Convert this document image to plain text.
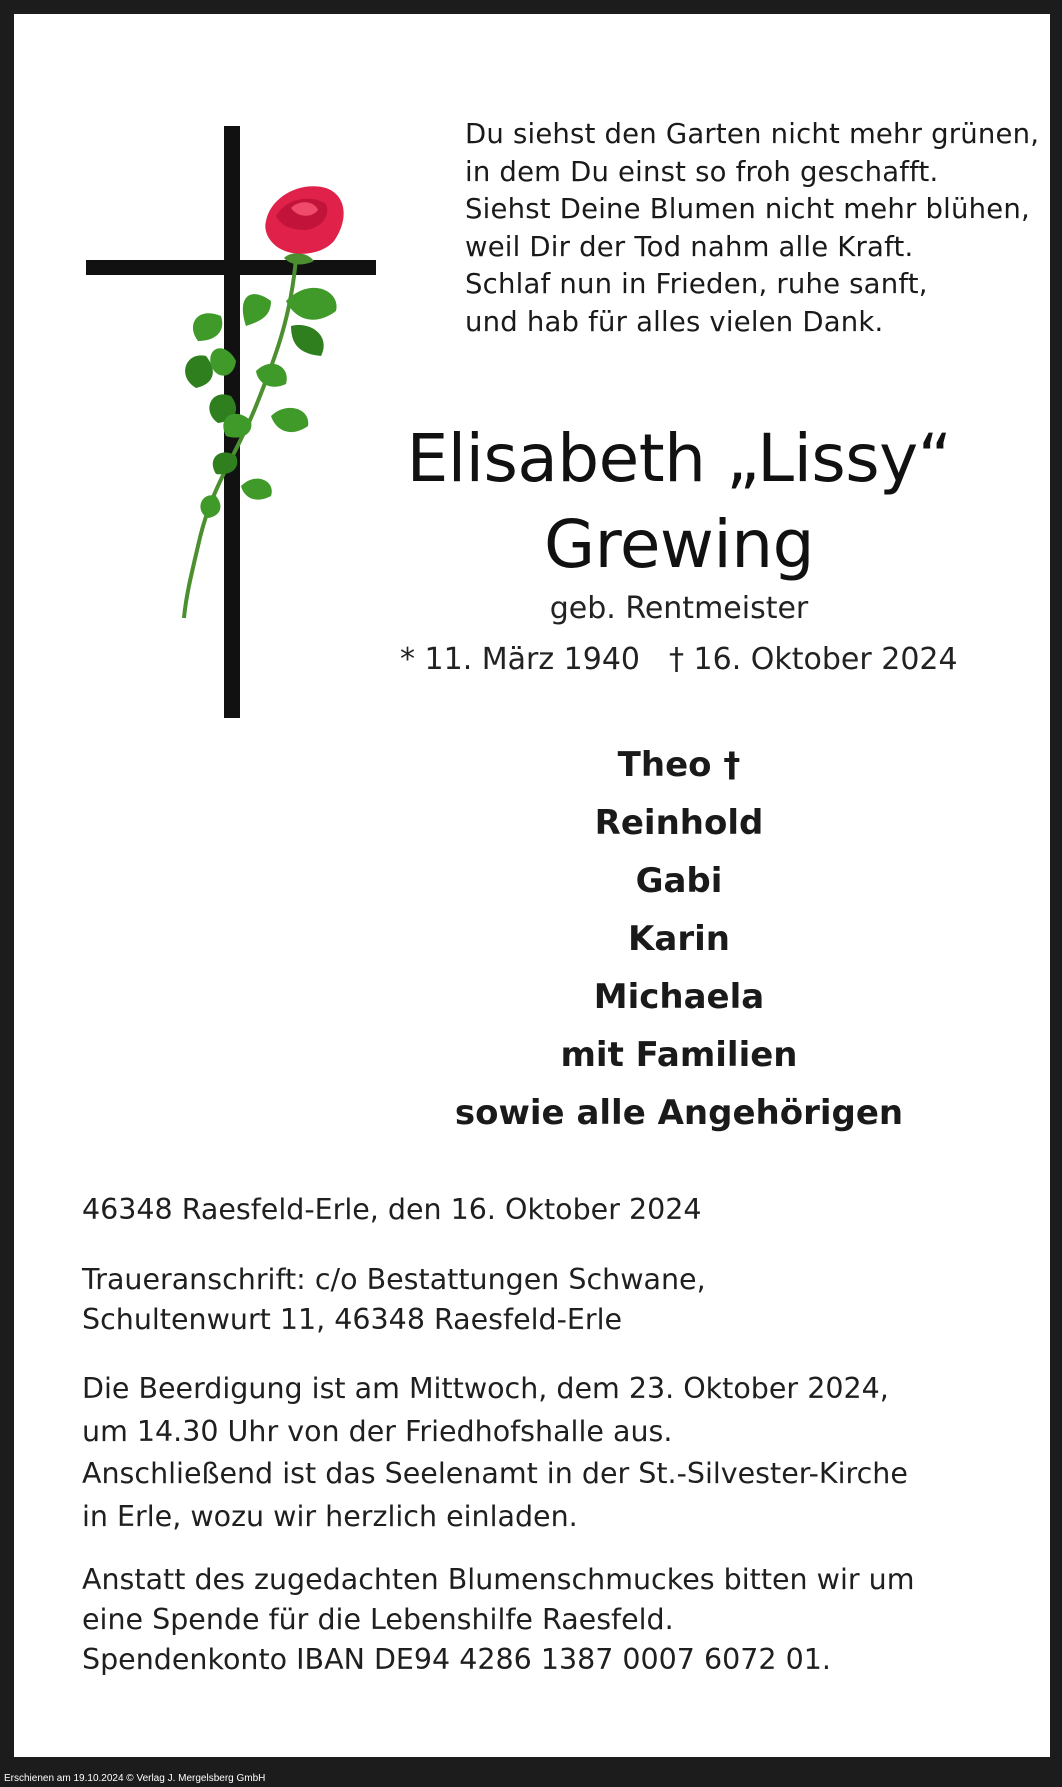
Du siehst den Garten nicht mehr grünen,
in dem Du einst so froh geschafft.
Siehst Deine Blumen nicht mehr blühen,
weil Dir der Tod nahm alle Kraft.
Schlaf nun in Frieden, ruhe sanft,
und hab für alles vielen Dank.
Elisabeth „Lissy“
Grewing
geb. Rentmeister
* 11. März 1940 † 16. Oktober 2024
Theo †
Reinhold
Gabi
Karin
Michaela
mit Familien
sowie alle Angehörigen
46348 Raesfeld-Erle, den 16. Oktober 2024
Traueranschrift: c/o Bestattungen Schwane,
Schultenwurt 11, 46348 Raesfeld-Erle
Die Beerdigung ist am Mittwoch, dem 23. Oktober 2024,
um 14.30 Uhr von der Friedhofshalle aus.
Anschließend ist das Seelenamt in der St.-Silvester-Kirche
in Erle, wozu wir herzlich einladen.
Anstatt des zugedachten Blumenschmuckes bitten wir um
eine Spende für die Lebenshilfe Raesfeld.
Spendenkonto IBAN DE94 4286 1387 0007 6072 01.
Erschienen am 19.10.2024 © Verlag J. Mergelsberg GmbH
